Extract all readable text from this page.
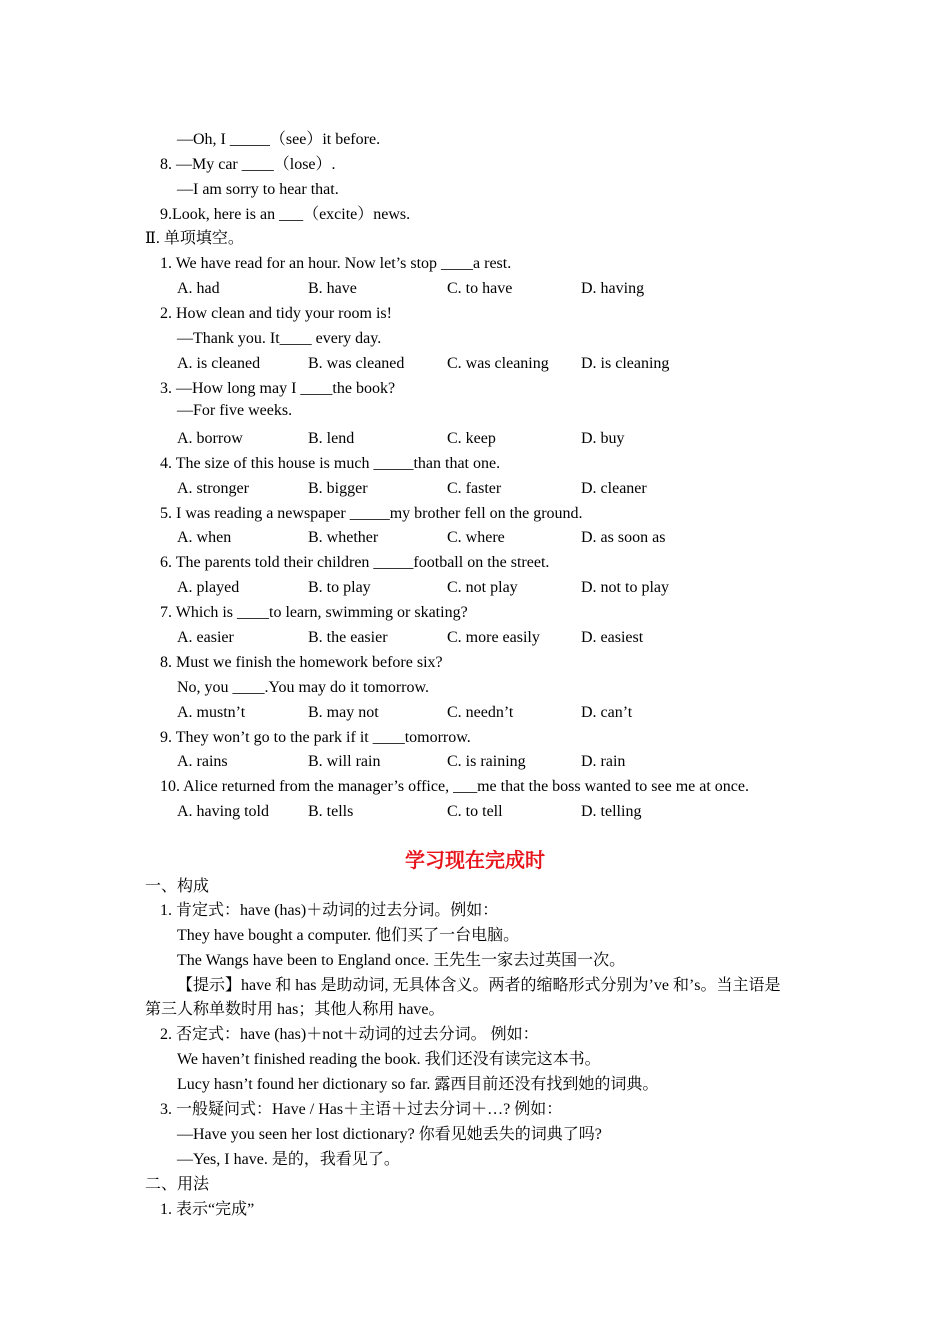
—Oh, I _____（see）it before.
8. —My car ____（lose）.
—I am sorry to hear that.
9.Look, here is an ___（excite）news.
Ⅱ. 单项填空。
1. We have read for an hour. Now let’s stop ____a rest.
A. had	B. have	C. to have	D. having
2. How clean and tidy your room is!
—Thank you. It____ every day.
A. is cleaned	B. was cleaned	C. was cleaning D. is cleaning
3. —How long may I ____the book?
—For five weeks.
A. borrow	B. lend	C. keep	D. buy
4. The size of this house is much _____than that one.
A. stronger	B. bigger	C. faster	D. cleaner
5. I was reading a newspaper _____my brother fell on the ground.
A. when	B. whether	C. where	D. as soon as
6. The parents told their children _____football on the street.
A. played	B. to play	C. not play	D. not to play
7. Which is ____to learn, swimming or skating?
A. easier	B. the easier	C. more easily	D. easiest
8. Must we finish the homework before six?
No, you ____.You may do it tomorrow.
A. mustn’t	B. may not	C. needn’t	D. can’t
9. They won’t go to the park if it ____tomorrow.
A. rains	B. will rain	C. is raining	D. rain
10. Alice returned from the manager’s office, ___me that the boss wanted to see me at once.
A. having told B. tells	C. to tell	D. telling
学习现在完成时
一、构成
1. 肯定式：have (has)＋动词的过去分词。例如：
They have bought a computer. 他们买了一台电脑。
The Wangs have been to England once. 王先生一家去过英国一次。
【提示】have 和 has 是助动词, 无具体含义。两者的缩略形式分别为’ve 和’s。当主语是
第三人称单数时用 has；其他人称用 have。
2. 否定式：have (has)＋not＋动词的过去分词。 例如：
We haven’t finished reading the book. 我们还没有读完这本书。
Lucy hasn’t found her dictionary so far. 露西目前还没有找到她的词典。
3. 一般疑问式：Have / Has＋主语＋过去分词＋…? 例如：
—Have you seen her lost dictionary? 你看见她丢失的词典了吗?
—Yes, I have. 是的，我看见了。
二、用法
1. 表示“完成”
